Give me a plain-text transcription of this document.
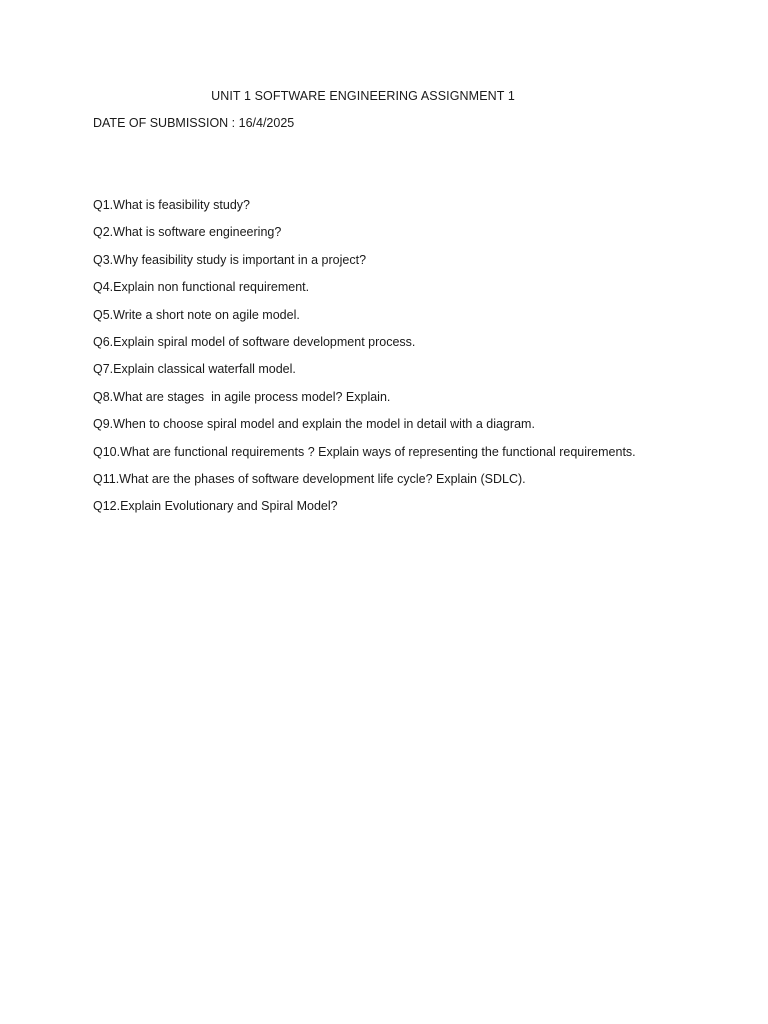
UNIT 1 SOFTWARE ENGINEERING ASSIGNMENT 1
DATE OF SUBMISSION : 16/4/2025
Q1.What is feasibility study?
Q2.What is software engineering?
Q3.Why feasibility study is important in a project?
Q4.Explain non functional requirement.
Q5.Write a short note on agile model.
Q6.Explain spiral model of software development process.
Q7.Explain classical waterfall model.
Q8.What are stages  in agile process model? Explain.
Q9.When to choose spiral model and explain the model in detail with a diagram.
Q10.What are functional requirements ? Explain ways of representing the functional requirements.
Q11.What are the phases of software development life cycle? Explain (SDLC).
Q12.Explain Evolutionary and Spiral Model?
